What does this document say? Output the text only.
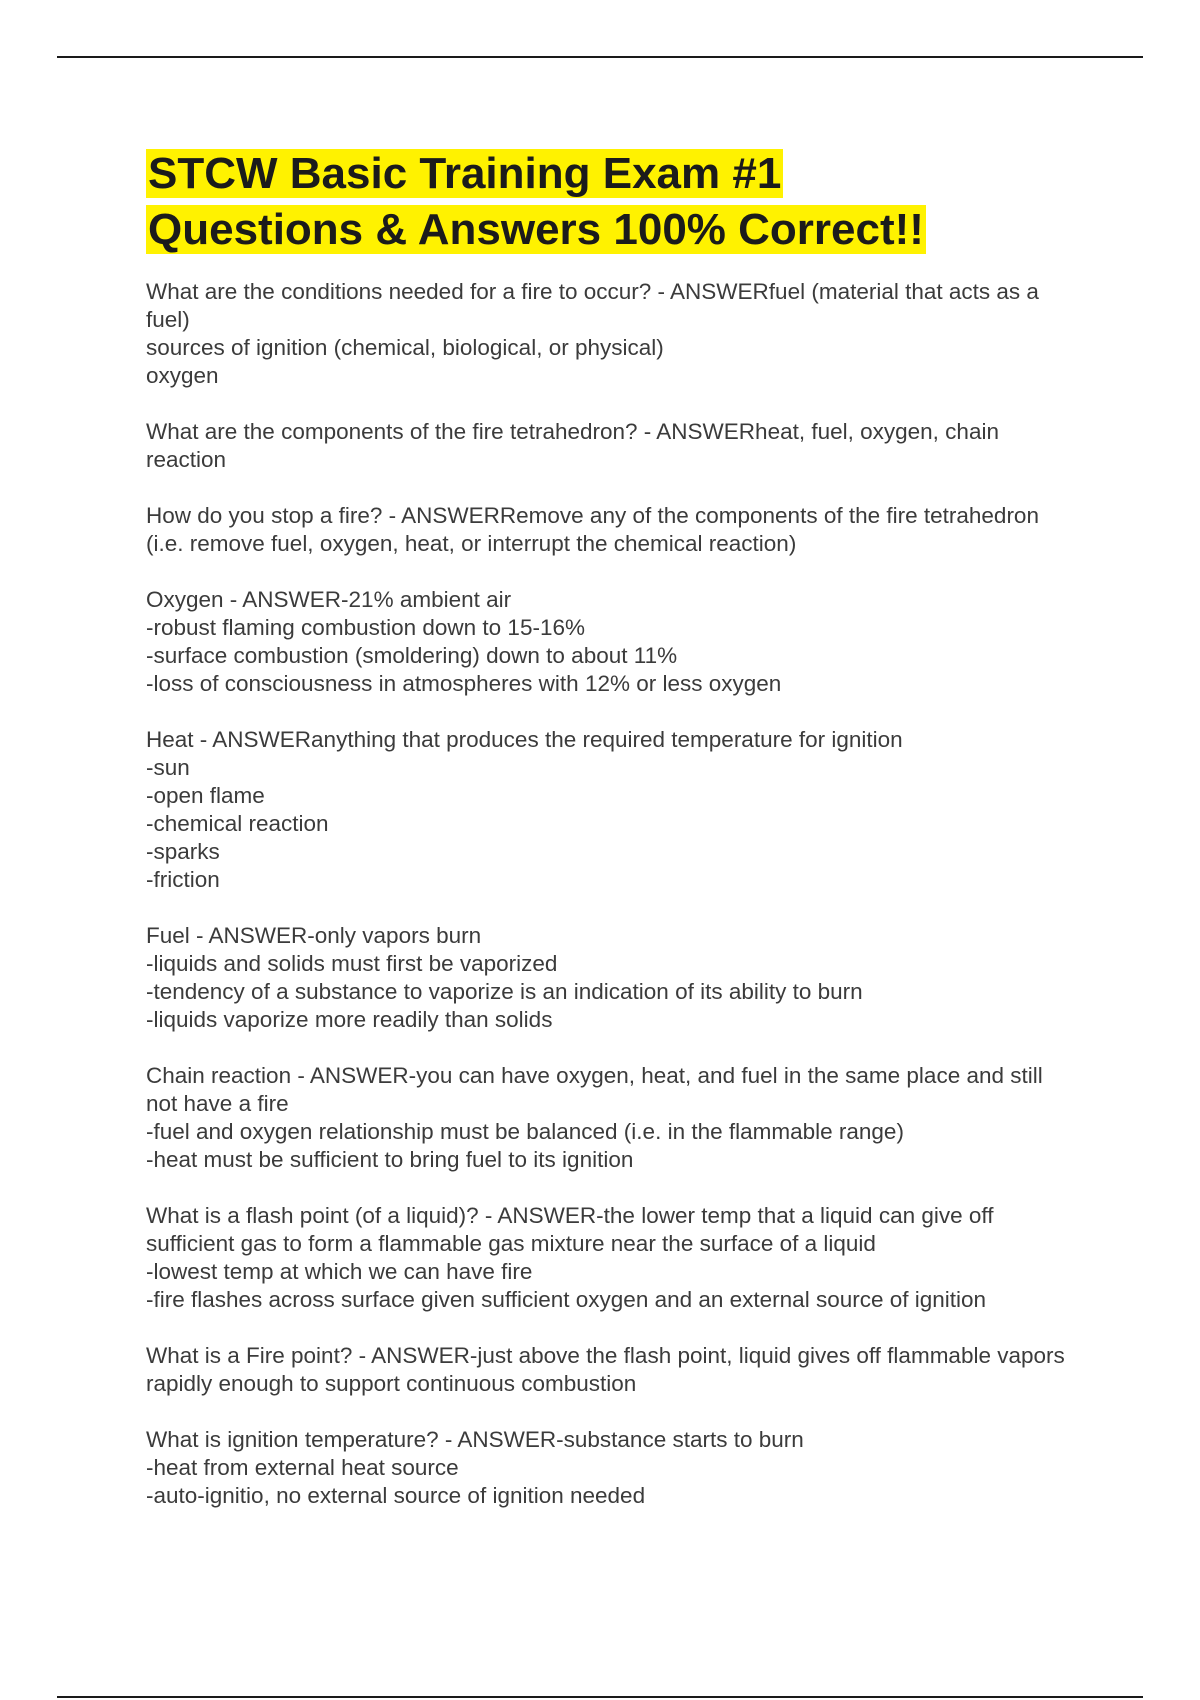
STCW Basic Training Exam #1
Questions & Answers 100% Correct!!
What are the conditions needed for a fire to occur? - ANSWERfuel (material that acts as a fuel)
sources of ignition (chemical, biological, or physical)
oxygen
What are the components of the fire tetrahedron? - ANSWERheat, fuel, oxygen, chain reaction
How do you stop a fire? - ANSWERRemove any of the components of the fire tetrahedron (i.e. remove fuel, oxygen, heat, or interrupt the chemical reaction)
Oxygen - ANSWER-21% ambient air
-robust flaming combustion down to 15-16%
-surface combustion (smoldering) down to about 11%
-loss of consciousness in atmospheres with 12% or less oxygen
Heat - ANSWERanything that produces the required temperature for ignition
-sun
-open flame
-chemical reaction
-sparks
-friction
Fuel - ANSWER-only vapors burn
-liquids and solids must first be vaporized
-tendency of a substance to vaporize is an indication of its ability to burn
-liquids vaporize more readily than solids
Chain reaction - ANSWER-you can have oxygen, heat, and fuel in the same place and still not have a fire
-fuel and oxygen relationship must be balanced (i.e. in the flammable range)
-heat must be sufficient to bring fuel to its ignition
What is a flash point (of a liquid)? - ANSWER-the lower temp that a liquid can give off sufficient gas to form a flammable gas mixture near the surface of a liquid
-lowest temp at which we can have fire
-fire flashes across surface given sufficient oxygen and an external source of ignition
What is a Fire point? - ANSWER-just above the flash point, liquid gives off flammable vapors rapidly enough to support continuous combustion
What is ignition temperature? - ANSWER-substance starts to burn
-heat from external heat source
-auto-ignitio, no external source of ignition needed
